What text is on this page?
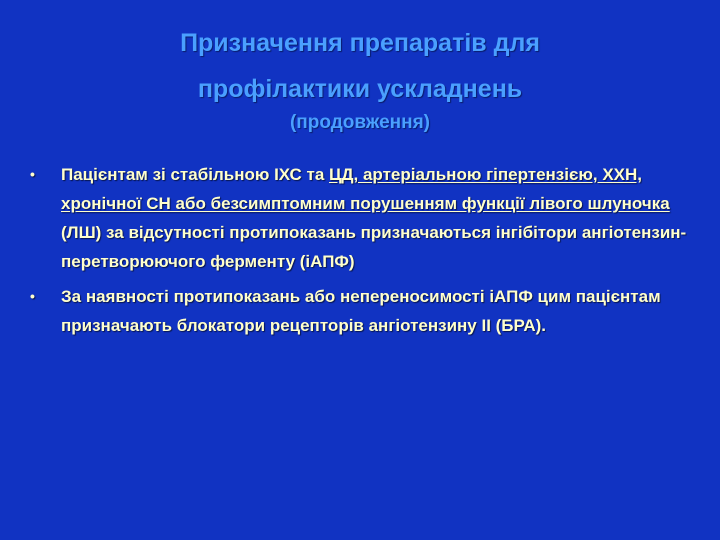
Призначення препаратів для
профілактики ускладнень
(продовження)
• Пацієнтам зі стабільною ІХС та ЦД, артеріальною гіпертензією, ХХН, хронічної СН або безсимптомним порушенням функції лівого шлуночка (ЛШ) за відсутності протипоказань призначаються інгібітори ангіотензин-перетворюючого ферменту (іАПФ)
• За наявності протипоказань або непереносимості іАПФ цим пацієнтам призначають блокатори рецепторів ангіотензину ІІ (БРА).
